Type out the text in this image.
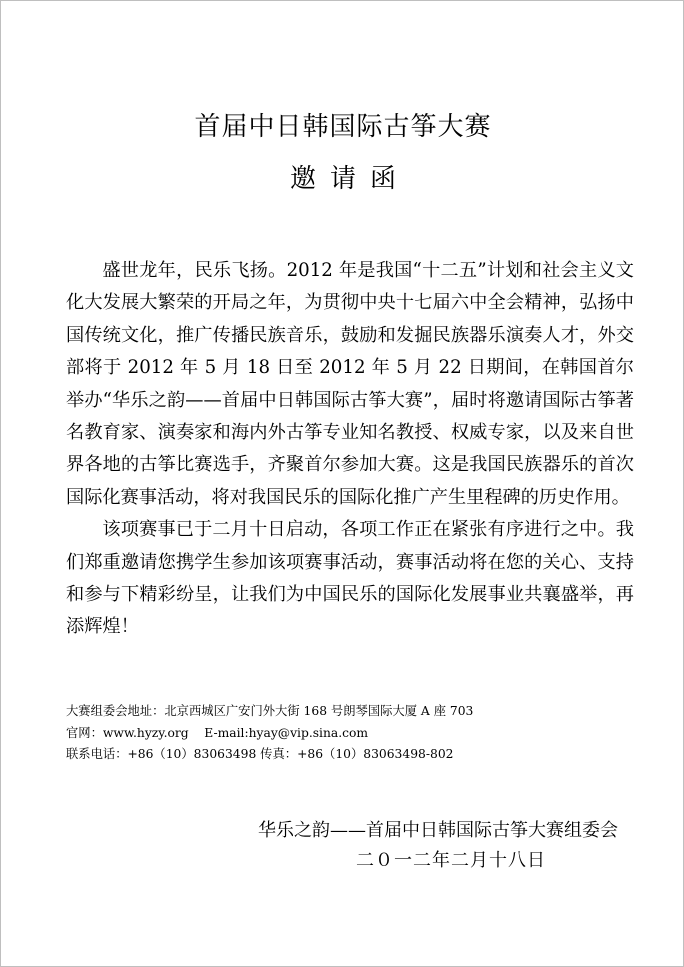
首届中日韩国际古筝大赛
邀请函

盛世龙年，民乐飞扬。2012 年是我国“十二五”计划和社会主义文化大发展大繁荣的开局之年，为贯彻中央十七届六中全会精神，弘扬中国传统文化，推广传播民族音乐，鼓励和发掘民族器乐演奏人才，外交部将于 2012 年 5 月 18 日至 2012 年 5 月 22 日期间，在韩国首尔举办“华乐之韵——首届中日韩国际古筝大赛”，届时将邀请国际古筝著名教育家、演奏家和海内外古筝专业知名教授、权威专家，以及来自世界各地的古筝比赛选手，齐聚首尔参加大赛。这是我国民族器乐的首次国际化赛事活动，将对我国民乐的国际化推广产生里程碑的历史作用。

该项赛事已于二月十日启动，各项工作正在紧张有序进行之中。我们郑重邀请您携学生参加该项赛事活动，赛事活动将在您的关心、支持和参与下精彩纷呈，让我们为中国民乐的国际化发展事业共襄盛举，再添辉煌！

大赛组委会地址：北京西城区广安门外大街 168 号朗琴国际大厦 A 座 703
官网：www.hyzy.org    E-mail:hyay@vip.sina.com
联系电话：+86（10）83063498 传真：+86（10）83063498-802
华乐之韵——首届中日韩国际古筝大赛组委会
二０一二年二月十八日
